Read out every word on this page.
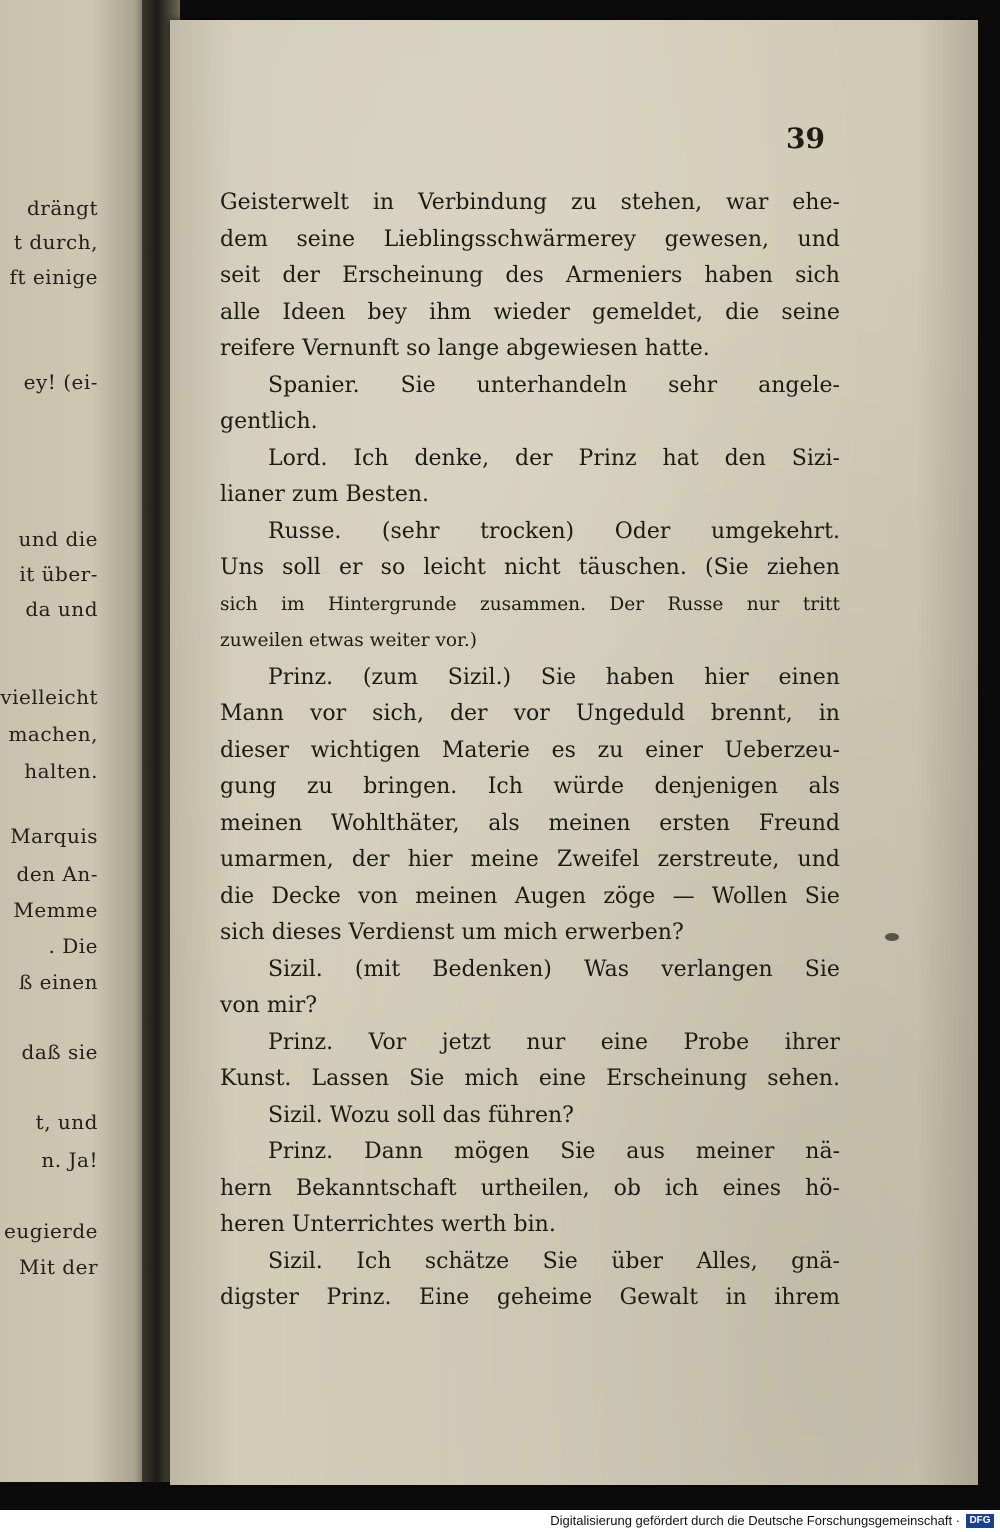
drängt
t durch,
ft einige
ey! (ei-
und die
it über-
da und
vielleicht
machen,
halten.
Marquis
den An-
Memme
. Die
ß einen
daß sie
t, und
n. Ja!
eugierde
Mit der
39
Geisterwelt in Verbindung zu stehen, war ehe-
dem seine Lieblingsschwärmerey gewesen, und
seit der Erscheinung des Armeniers haben sich
alle Ideen bey ihm wieder gemeldet, die seine
reifere Vernunft so lange abgewiesen hatte.
Spanier. Sie unterhandeln sehr angele-
gentlich.
Lord. Ich denke, der Prinz hat den Sizi-
lianer zum Besten.
Russe. (sehr trocken) Oder umgekehrt.
Uns soll er so leicht nicht täuschen. (Sie ziehen
sich im Hintergrunde zusammen. Der Russe nur tritt
zuweilen etwas weiter vor.)
Prinz. (zum Sizil.) Sie haben hier einen
Mann vor sich, der vor Ungeduld brennt, in
dieser wichtigen Materie es zu einer Ueberzeu-
gung zu bringen. Ich würde denjenigen als
meinen Wohlthäter, als meinen ersten Freund
umarmen, der hier meine Zweifel zerstreute, und
die Decke von meinen Augen zöge — Wollen Sie
sich dieses Verdienst um mich erwerben?
Sizil. (mit Bedenken) Was verlangen Sie
von mir?
Prinz. Vor jetzt nur eine Probe ihrer
Kunst. Lassen Sie mich eine Erscheinung sehen.
Sizil. Wozu soll das führen?
Prinz. Dann mögen Sie aus meiner nä-
hern Bekanntschaft urtheilen, ob ich eines hö-
heren Unterrichtes werth bin.
Sizil. Ich schätze Sie über Alles, gnä-
digster Prinz. Eine geheime Gewalt in ihrem
Digitalisierung gefördert durch die Deutsche Forschungsgemeinschaft · DFG
